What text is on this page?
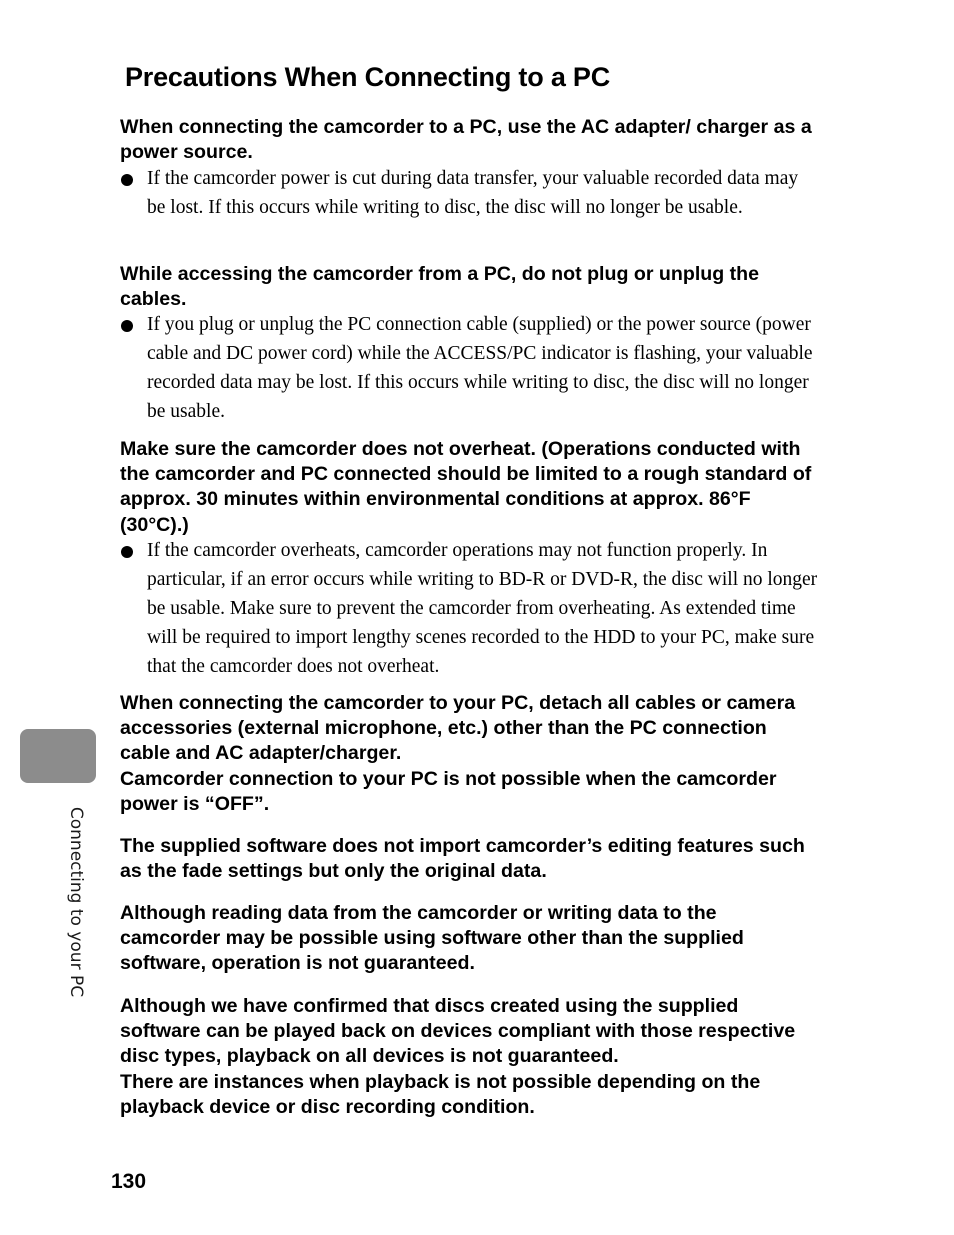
Precautions When Connecting to a PC

When connecting the camcorder to a PC, use the AC adapter/ charger as a power source.

If the camcorder power is cut during data transfer, your valuable recorded data may be lost. If this occurs while writing to disc, the disc will no longer be usable.

While accessing the camcorder from a PC, do not plug or unplug the cables.

If you plug or unplug the PC connection cable (supplied) or the power source (power cable and DC power cord) while the ACCESS/PC indicator is flashing, your valuable recorded data may be lost. If this occurs while writing to disc, the disc will no longer be usable.

Make sure the camcorder does not overheat. (Operations conducted with the camcorder and PC connected should be limited to a rough standard of approx. 30 minutes within environmental conditions at approx. 86°F (30°C).)

If the camcorder overheats, camcorder operations may not function properly. In particular, if an error occurs while writing to BD-R or DVD-R, the disc will no longer be usable. Make sure to prevent the camcorder from overheating. As extended time will be required to import lengthy scenes recorded to the HDD to your PC, make sure that the camcorder does not overheat.

When connecting the camcorder to your PC, detach all cables or camera accessories (external microphone, etc.) other than the PC connection cable and AC adapter/charger.

Camcorder connection to your PC is not possible when the camcorder power is “OFF”.

The supplied software does not import camcorder’s editing features such as the fade settings but only the original data.

Although reading data from the camcorder or writing data to the camcorder may be possible using software other than the supplied software, operation is not guaranteed.

Although we have confirmed that discs created using the supplied software can be played back on devices compliant with those respective disc types, playback on all devices is not guaranteed.

There are instances when playback is not possible depending on the playback device or disc recording condition.

Connecting to your PC
130
